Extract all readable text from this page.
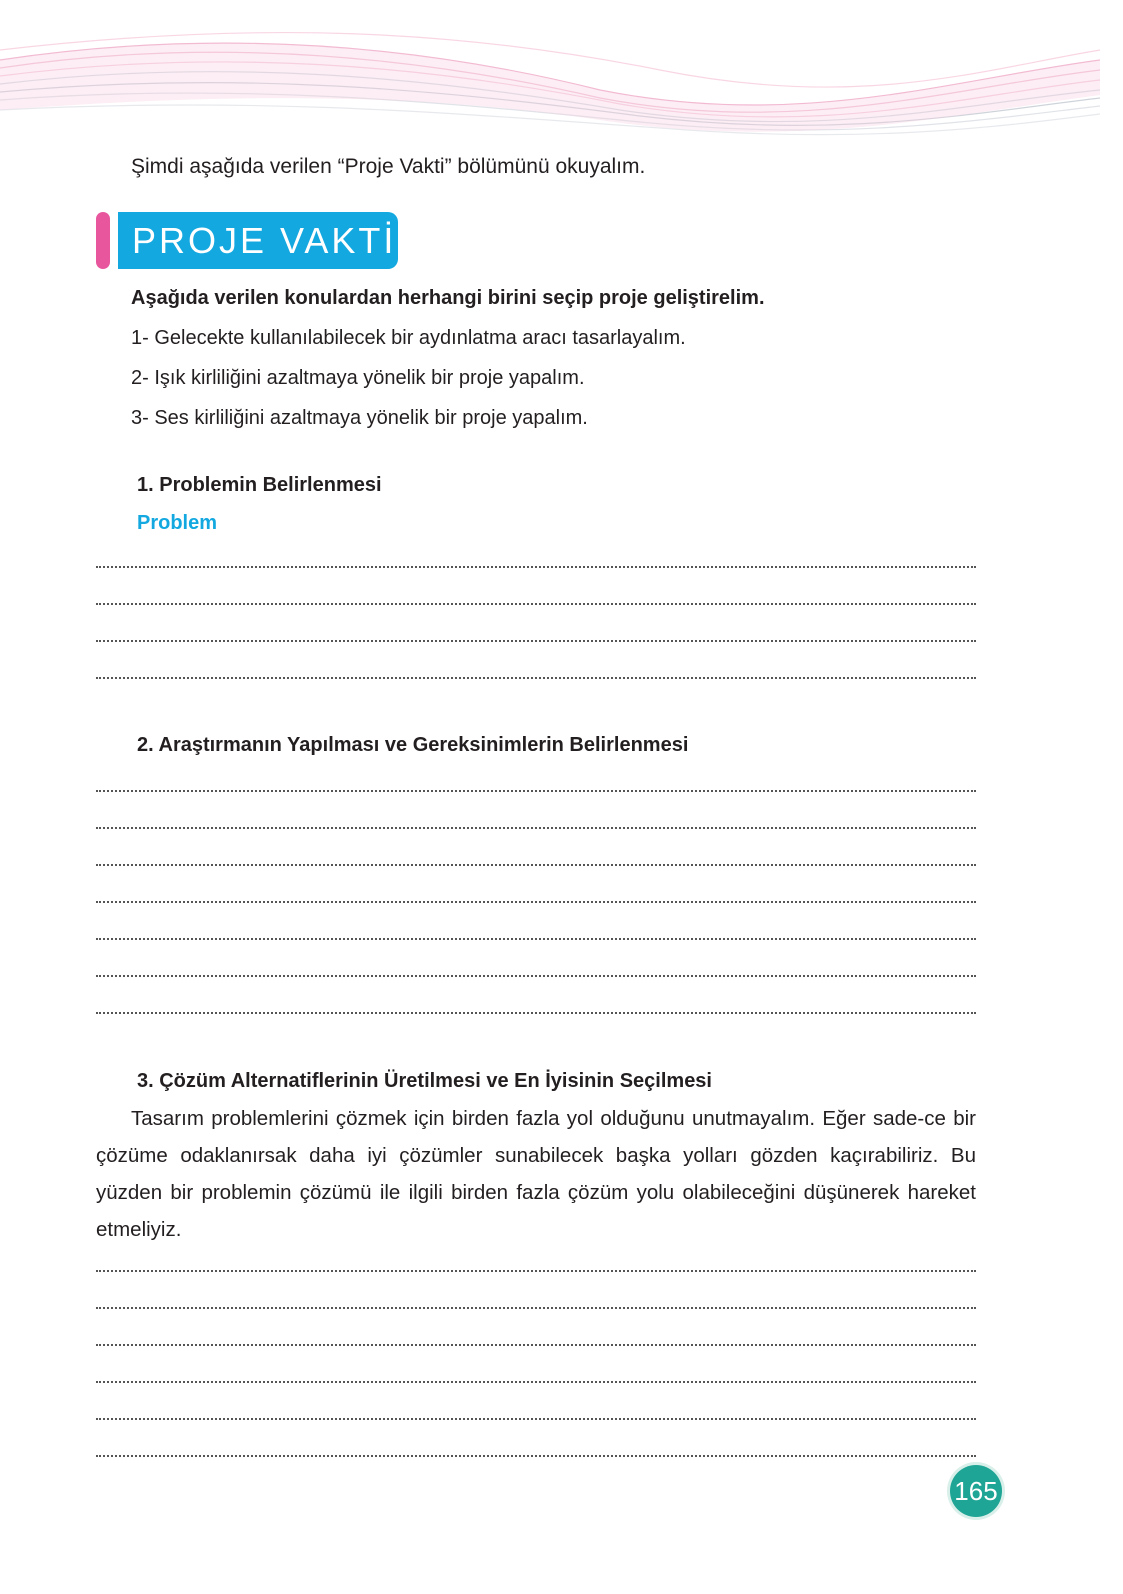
Şimdi aşağıda verilen “Proje Vakti” bölümünü okuyalım.
PROJE VAKTİ
Aşağıda verilen konulardan herhangi birini seçip proje geliştirelim.
1- Gelecekte kullanılabilecek bir aydınlatma aracı tasarlayalım.
2- Işık kirliliğini azaltmaya yönelik bir proje yapalım.
3- Ses kirliliğini azaltmaya yönelik bir proje yapalım.
1. Problemin Belirlenmesi
Problem
2. Araştırmanın Yapılması ve Gereksinimlerin Belirlenmesi
3. Çözüm Alternatiflerinin Üretilmesi ve En İyisinin Seçilmesi

Tasarım problemlerini çözmek için birden fazla yol olduğunu unutmayalım. Eğer sade-ce bir çözüme odaklanırsak daha iyi çözümler sunabilecek başka yolları gözden kaçırabiliriz. Bu yüzden bir problemin çözümü ile ilgili birden fazla çözüm yolu olabileceğini düşünerek hareket etmeliyiz.

165
